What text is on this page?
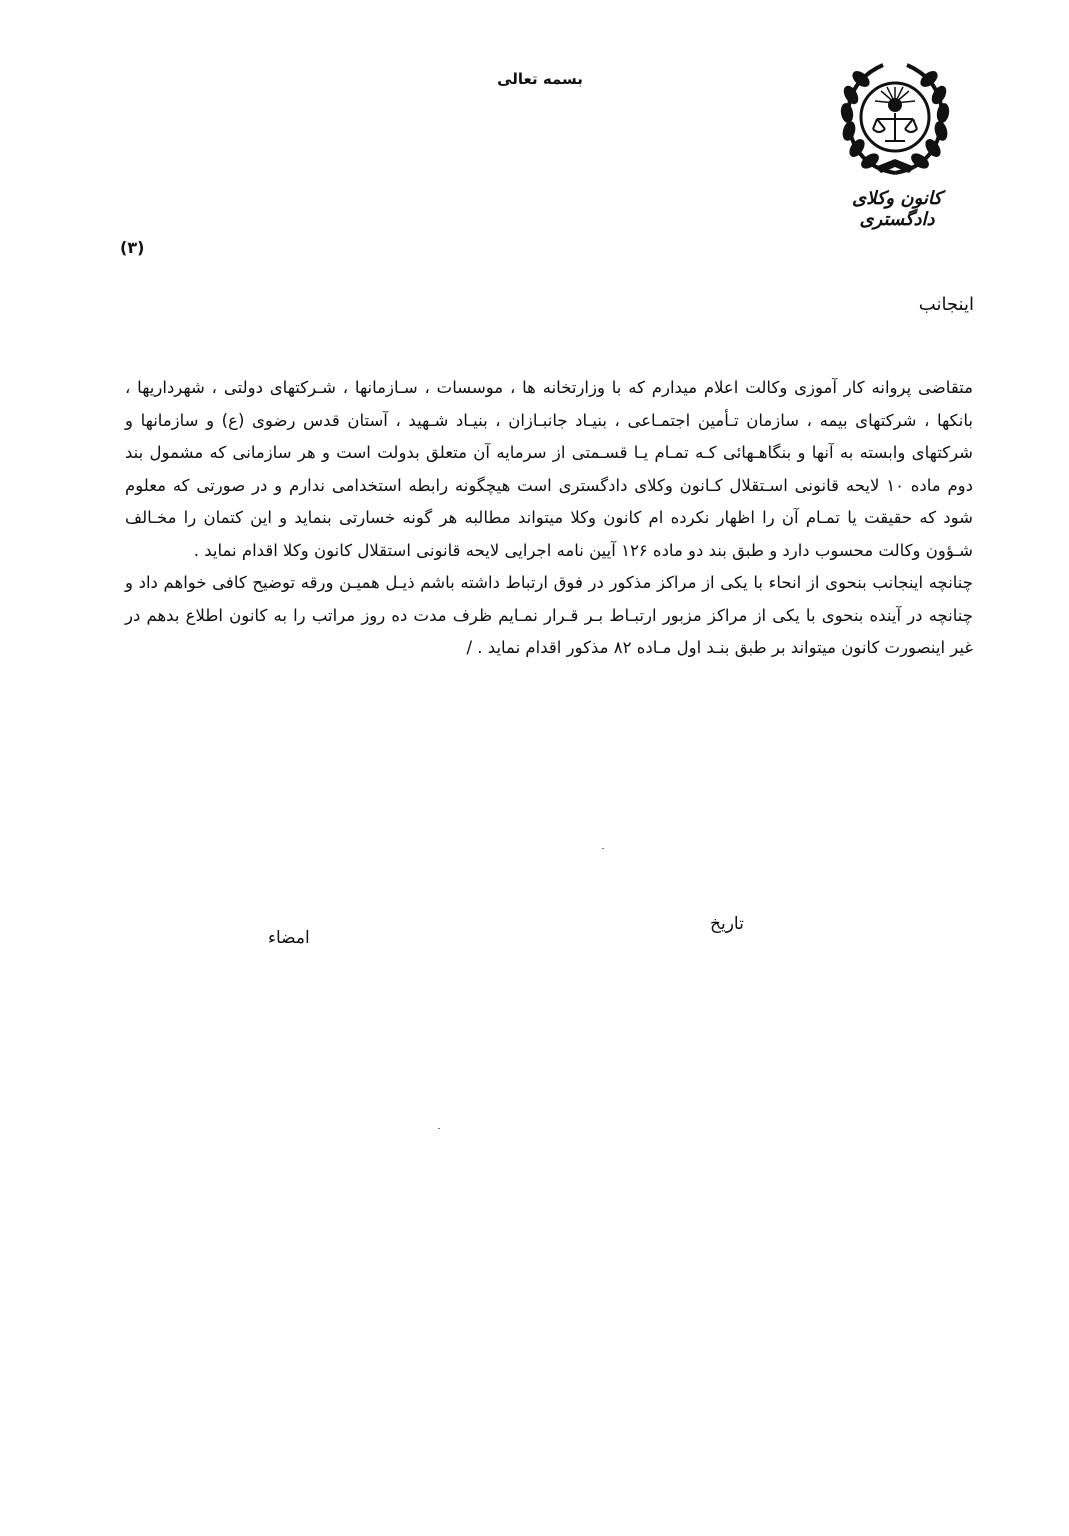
بسمه تعالی
کانون وکلای دادگستری
(۳)
اینجانب

متقاضی پروانه کار آموزی وکالت اعلام میدارم که با وزارتخانه ها ، موسسات ، سـازمانها ، شـرکتهای دولتی ، شهرداریها ، بانکها ، شرکتهای بیمه ، سازمان تـأمین اجتمـاعی ، بنیـاد جانبـازان ، بنیـاد شـهید ، آستان قدس رضوی (ع) و سازمانها و شرکتهای وابسته به آنها و بنگاهـهائی کـه تمـام یـا قسـمتی از سرمایه آن متعلق بدولت است و هر سازمانی که مشمول بند دوم ماده ۱۰ لایحه قانونی اسـتقلال کـانون وکلای دادگستری است هیچگونه رابطه استخدامی ندارم و در صورتی که معلوم شود که حقیقت یا تمـام آن را اظهار نکرده ام کانون وکلا میتواند مطالبه هر گونه خسارتی بنماید و این کتمان را مخـالف شـؤون وکالت محسوب دارد و طبق بند دو ماده ۱۲۶ آیین نامه اجرایی لایحه قانونی استقلال کانون وکلا اقدام نماید .

چنانچه اینجانب بنحوی از انحاء با یکی از مراکز مذکور در فوق ارتباط داشته باشم ذیـل همیـن ورقه توضیح کافی خواهم داد و چنانچه در آینده بنحوی با یکی از مراکز مزبور ارتبـاط بـر قـرار نمـایم ظرف مدت ده روز مراتب را به کانون اطلاع بدهم در غیر اینصورت کانون میتواند بر طبق بنـد اول مـاده ۸۲ مذکور اقدام نماید . /

تاریخ
امضاء
